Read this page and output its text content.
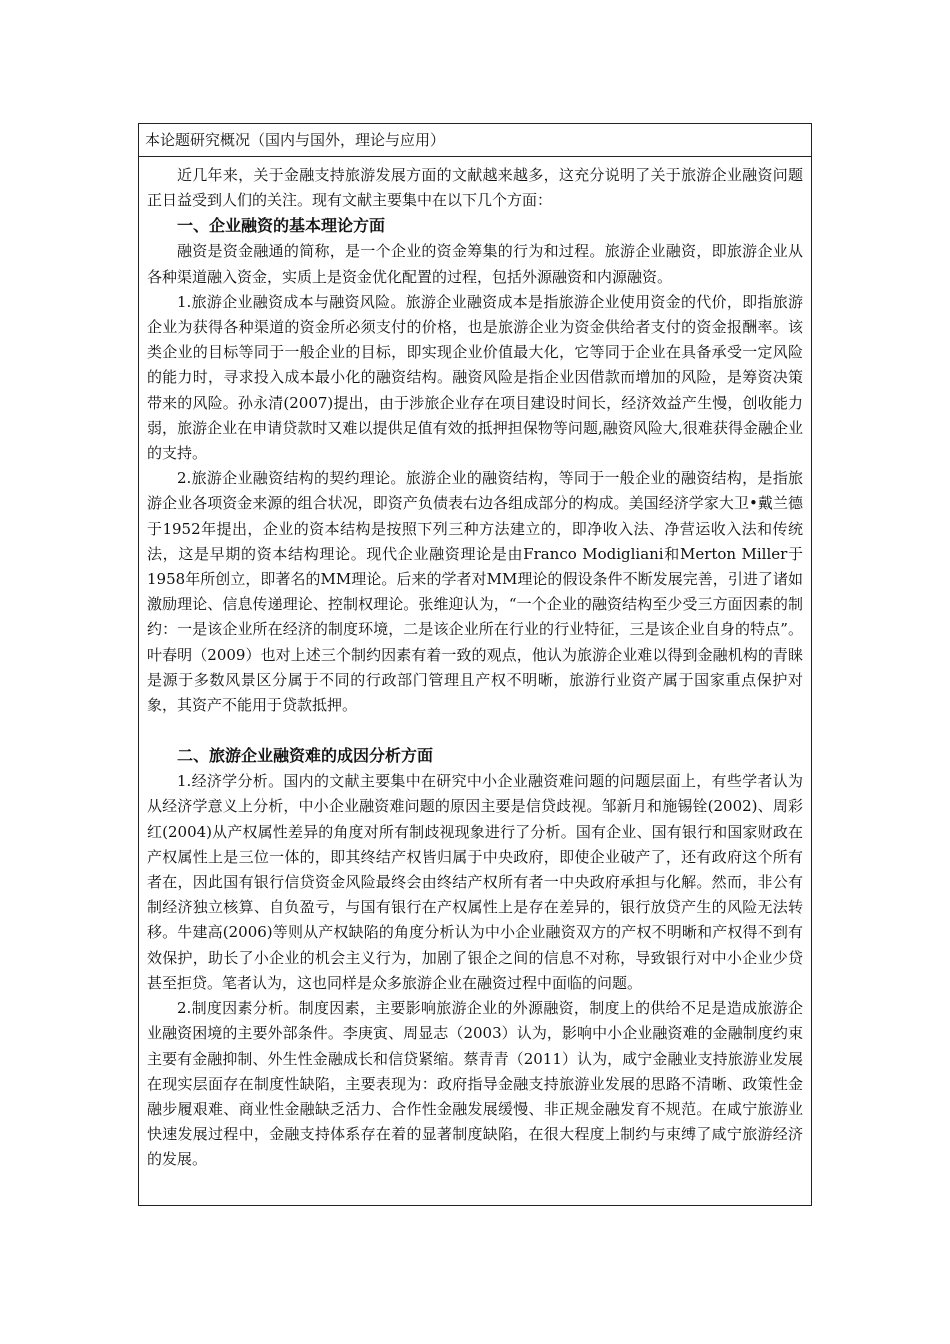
本论题研究概况（国内与国外，理论与应用）

近几年来，关于金融支持旅游发展方面的文献越来越多，这充分说明了关于旅游企业融资问题正日益受到人们的关注。现有文献主要集中在以下几个方面：

一、企业融资的基本理论方面

融资是资金融通的简称，是一个企业的资金筹集的行为和过程。旅游企业融资，即旅游企业从各种渠道融入资金，实质上是资金优化配置的过程，包括外源融资和内源融资。

1.旅游企业融资成本与融资风险。旅游企业融资成本是指旅游企业使用资金的代价，即指旅游企业为获得各种渠道的资金所必须支付的价格，也是旅游企业为资金供给者支付的资金报酬率。该类企业的目标等同于一般企业的目标，即实现企业价值最大化，它等同于企业在具备承受一定风险的能力时，寻求投入成本最小化的融资结构。融资风险是指企业因借款而增加的风险，是筹资决策带来的风险。孙永清(2007)提出，由于涉旅企业存在项目建设时间长，经济效益产生慢，创收能力弱，旅游企业在申请贷款时又难以提供足值有效的抵押担保物等问题,融资风险大,很难获得金融企业的支持。

2.旅游企业融资结构的契约理论。旅游企业的融资结构，等同于一般企业的融资结构，是指旅游企业各项资金来源的组合状况，即资产负债表右边各组成部分的构成。美国经济学家大卫•戴兰德于1952年提出，企业的资本结构是按照下列三种方法建立的，即净收入法、净营运收入法和传统法，这是早期的资本结构理论。现代企业融资理论是由Franco Modigliani和Merton Miller于1958年所创立，即著名的MM理论。后来的学者对MM理论的假设条件不断发展完善，引进了诸如激励理论、信息传递理论、控制权理论。张维迎认为，“一个企业的融资结构至少受三方面因素的制约：一是该企业所在经济的制度环境，二是该企业所在行业的行业特征，三是该企业自身的特点”。叶春明（2009）也对上述三个制约因素有着一致的观点，他认为旅游企业难以得到金融机构的青睐是源于多数风景区分属于不同的行政部门管理且产权不明晰，旅游行业资产属于国家重点保护对象，其资产不能用于贷款抵押。

二、旅游企业融资难的成因分析方面

1.经济学分析。国内的文献主要集中在研究中小企业融资难问题的问题层面上，有些学者认为从经济学意义上分析，中小企业融资难问题的原因主要是信贷歧视。邹新月和施锡铨(2002)、周彩红(2004)从产权属性差异的角度对所有制歧视现象进行了分析。国有企业、国有银行和国家财政在产权属性上是三位一体的，即其终结产权皆归属于中央政府，即使企业破产了，还有政府这个所有者在，因此国有银行信贷资金风险最终会由终结产权所有者一中央政府承担与化解。然而，非公有制经济独立核算、自负盈亏，与国有银行在产权属性上是存在差异的，银行放贷产生的风险无法转移。牛建高(2006)等则从产权缺陷的角度分析认为中小企业融资双方的产权不明晰和产权得不到有效保护，助长了小企业的机会主义行为，加剧了银企之间的信息不对称，导致银行对中小企业少贷甚至拒贷。笔者认为，这也同样是众多旅游企业在融资过程中面临的问题。

2.制度因素分析。制度因素，主要影响旅游企业的外源融资，制度上的供给不足是造成旅游企业融资困境的主要外部条件。李庚寅、周显志（2003）认为，影响中小企业融资难的金融制度约束主要有金融抑制、外生性金融成长和信贷紧缩。蔡青青（2011）认为，咸宁金融业支持旅游业发展在现实层面存在制度性缺陷，主要表现为：政府指导金融支持旅游业发展的思路不清晰、政策性金融步履艰难、商业性金融缺乏活力、合作性金融发展缓慢、非正规金融发育不规范。在咸宁旅游业快速发展过程中，金融支持体系存在着的显著制度缺陷，在很大程度上制约与束缚了咸宁旅游经济的发展。
